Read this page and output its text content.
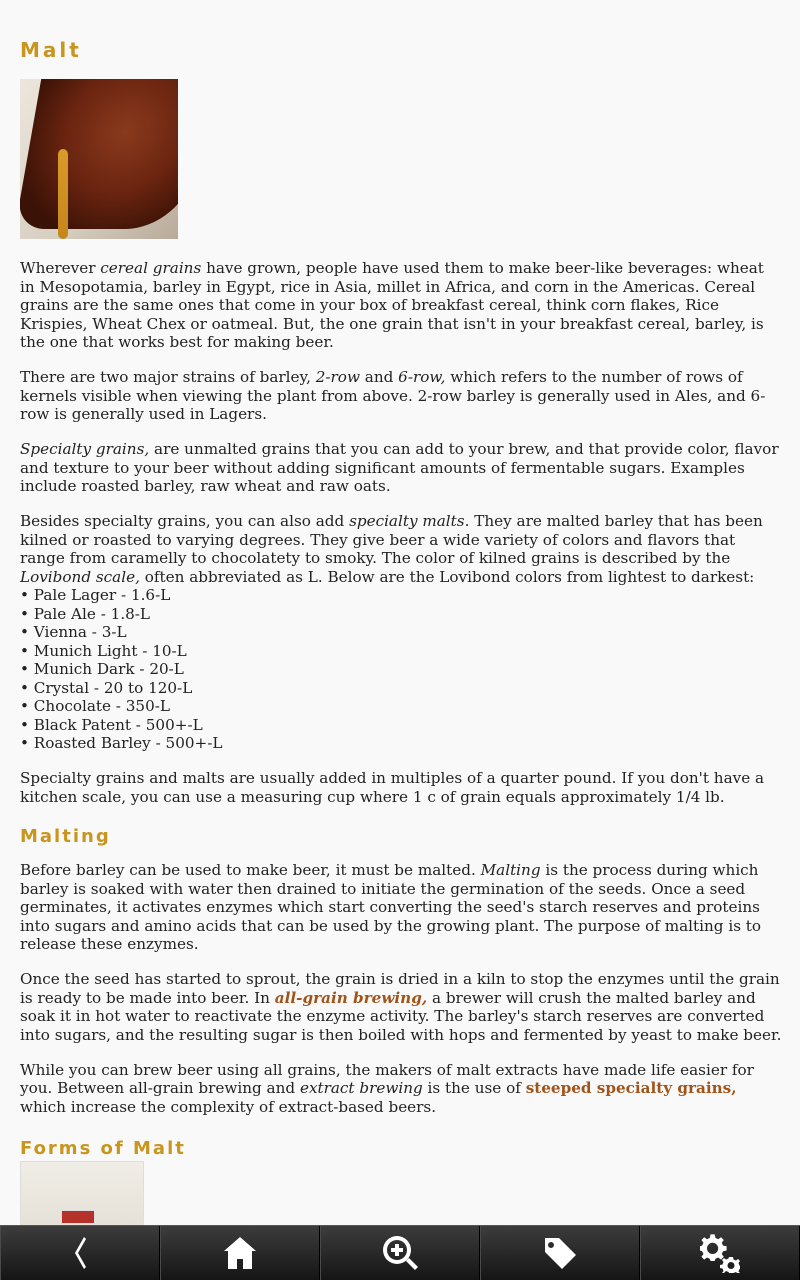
Malt

Wherever cereal grains have grown, people have used them to make beer-like beverages: wheat in Mesopotamia, barley in Egypt, rice in Asia, millet in Africa, and corn in the Americas. Cereal grains are the same ones that come in your box of breakfast cereal, think corn flakes, Rice Krispies, Wheat Chex or oatmeal. But, the one grain that isn't in your breakfast cereal, barley, is the one that works best for making beer.

There are two major strains of barley, 2-row and 6-row, which refers to the number of rows of kernels visible when viewing the plant from above. 2-row barley is generally used in Ales, and 6-row is generally used in Lagers.

Specialty grains, are unmalted grains that you can add to your brew, and that provide color, flavor and texture to your beer without adding significant amounts of fermentable sugars. Examples include roasted barley, raw wheat and raw oats.

Besides specialty grains, you can also add specialty malts. They are malted barley that has been kilned or roasted to varying degrees. They give beer a wide variety of colors and flavors that range from caramelly to chocolatety to smoky. The color of kilned grains is described by the Lovibond scale, often abbreviated as L. Below are the Lovibond colors from lightest to darkest:

• Pale Lager - 1.6-L
• Pale Ale - 1.8-L
• Vienna - 3-L
• Munich Light - 10-L
• Munich Dark - 20-L
• Crystal - 20 to 120-L
• Chocolate - 350-L
• Black Patent - 500+-L
• Roasted Barley - 500+-L

Specialty grains and malts are usually added in multiples of a quarter pound. If you don't have a kitchen scale, you can use a measuring cup where 1 c of grain equals approximately 1/4 lb.

Malting

Before barley can be used to make beer, it must be malted. Malting is the process during which barley is soaked with water then drained to initiate the germination of the seeds. Once a seed germinates, it activates enzymes which start converting the seed's starch reserves and proteins into sugars and amino acids that can be used by the growing plant. The purpose of malting is to release these enzymes.

Once the seed has started to sprout, the grain is dried in a kiln to stop the enzymes until the grain is ready to be made into beer. In all-grain brewing, a brewer will crush the malted barley and soak it in hot water to reactivate the enzyme activity. The barley's starch reserves are converted into sugars, and the resulting sugar is then boiled with hops and fermented by yeast to make beer.

While you can brew beer using all grains, the makers of malt extracts have made life easier for you. Between all-grain brewing and extract brewing is the use of steeped specialty grains, which increase the complexity of extract-based beers.

Forms of Malt
